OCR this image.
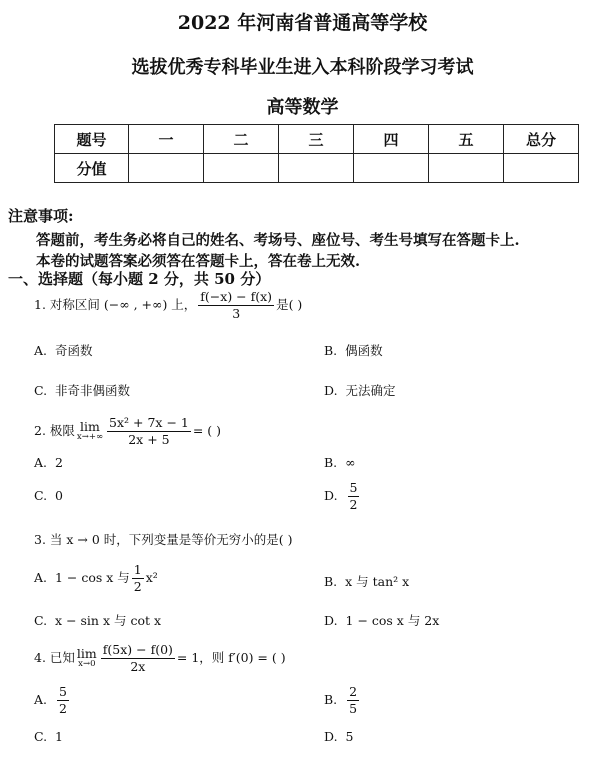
2022 年河南省普通高等学校
选拔优秀专科毕业生进入本科阶段学习考试
高等数学
题号	一	二	三	四	五	总分
分值						
注意事项:
答题前，考生务必将自己的姓名、考场号、座位号、考生号填写在答题卡上.
本卷的试题答案必须答在答题卡上，答在卷上无效.
一、选择题（每小题 2 分，共 50 分）
1. 对称区间 (−∞ , +∞) 上， $\frac{f(-x) - f(x)}{3}$ 是( )
A. 奇函数	B. 偶函数
C. 非奇非偶函数	D. 无法确定
2. 极限 lim
$x\to+\infty \frac{\text{5x² + 7x − 1}}{2x + 5}$ = ( )
A. 2	B. ∞
C. 0	D. $\frac{5}{2}$
3. 当 x → 0 时，下列变量是等价无穷小的是( )
A. 1 − cos x 与 $\frac{1}{2} x^2$	B. x 与 tan² x
C. x − sin x 与 cot x	D. 1 − cos x 与 2x
4. 已知 lim
$x\to 0 \frac{f(5x) - f(0)}{2x} = 1$，则 f′(0) = ( )
A. $\frac{5}{2}$	B. $\frac{2}{5}$
C. 1	D. 5
